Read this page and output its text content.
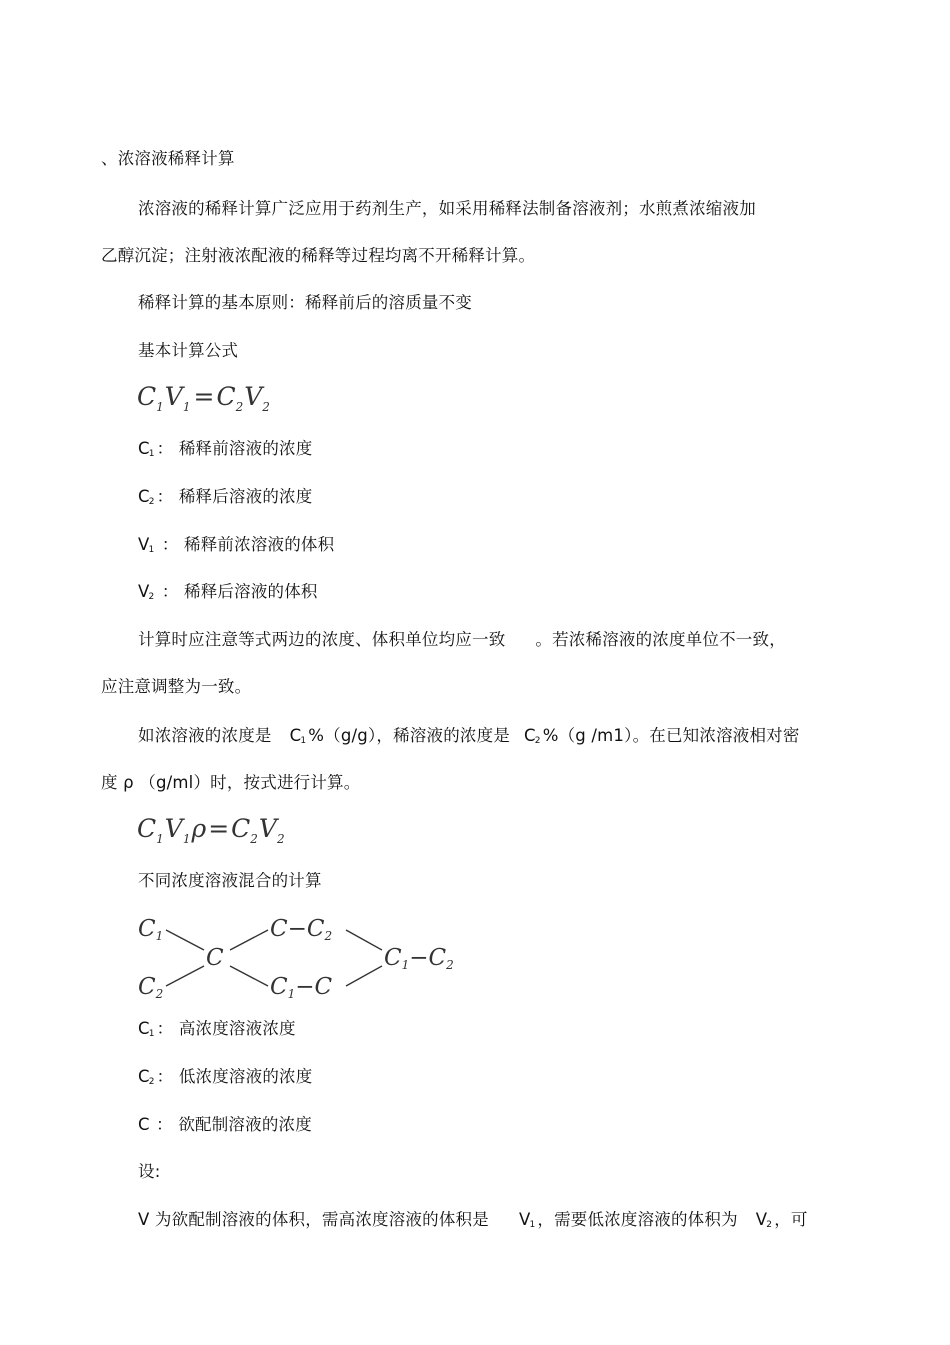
、浓溶液稀释计算
浓溶液的稀释计算广泛应用于药剂生产，如采用稀释法制备溶液剂；水煎煮浓缩液加
乙醇沉淀；注射液浓配液的稀释等过程均离不开稀释计算。
稀释计算的基本原则：稀释前后的溶质量不变
基本计算公式
$C_1V_1 =C_2V_2$
$C_1$ ： 稀释前溶液的浓度
$C_2$ ： 稀释后溶液的浓度
$V_1$ ： 稀释前浓溶液的体积
$V_2$ ： 稀释后溶液的体积
计算时应注意等式两边的浓度、体积单位均应一致 。若浓稀溶液的浓度单位不一致，
应注意调整为一致。
如浓溶液的浓度是 $C_1$ %（g/g），稀溶液的浓度是 $C_2$ %（g /m1）。在已知浓溶液相对密
度 ρ （g/ml）时，按式进行计算。
$C_1V_1\rho=C_2V_2$
不同浓度溶液混合的计算
C1
C2
C
C−C2
C1−C
C1−C2
$C_1$ ： 高浓度溶液浓度
$C_2$ ： 低浓度溶液的浓度
C ： 欲配制溶液的浓度
设:
V 为欲配制溶液的体积，需高浓度溶液的体积是 $V_1$ ，需要低浓度溶液的体积为 $V_2$ ，可
